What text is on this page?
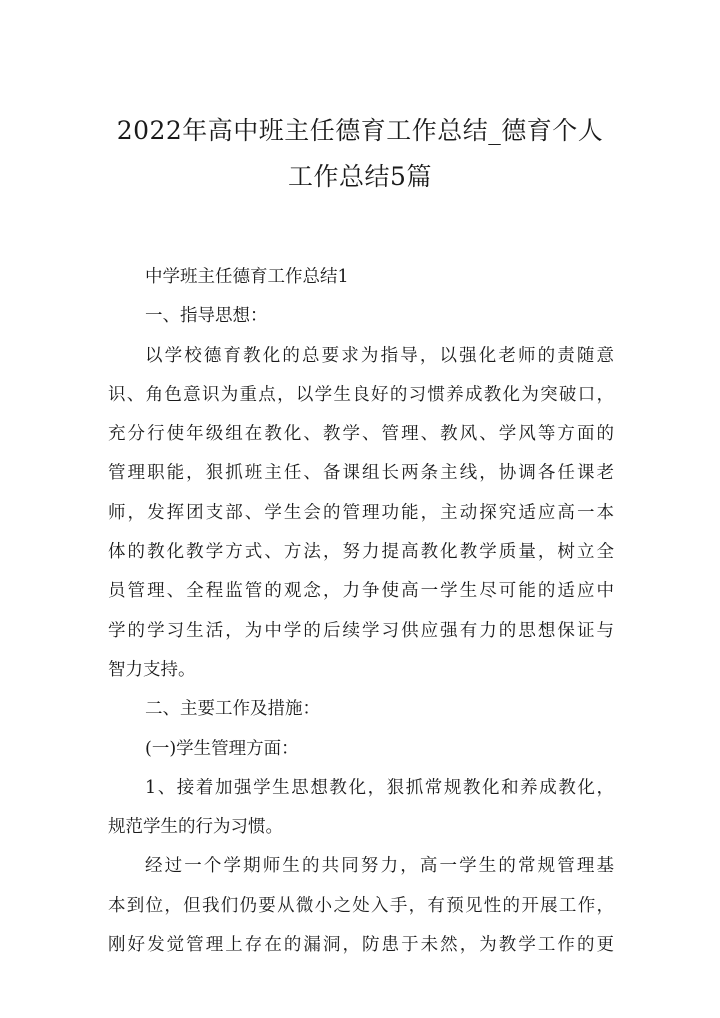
2022年高中班主任德育工作总结_德育个人
工作总结5篇
中学班主任德育工作总结1
一、指导思想：
以学校德育教化的总要求为指导，以强化老师的责随意
识、角色意识为重点，以学生良好的习惯养成教化为突破口，
充分行使年级组在教化、教学、管理、教风、学风等方面的
管理职能，狠抓班主任、备课组长两条主线，协调各任课老
师，发挥团支部、学生会的管理功能，主动探究适应高一本
体的教化教学方式、方法，努力提高教化教学质量，树立全
员管理、全程监管的观念，力争使高一学生尽可能的适应中
学的学习生活，为中学的后续学习供应强有力的思想保证与
智力支持。
二、主要工作及措施：
(一)学生管理方面：
1、接着加强学生思想教化，狠抓常规教化和养成教化，
规范学生的行为习惯。
经过一个学期师生的共同努力，高一学生的常规管理基
本到位，但我们仍要从微小之处入手，有预见性的开展工作，
刚好发觉管理上存在的漏洞，防患于未然，为教学工作的更
